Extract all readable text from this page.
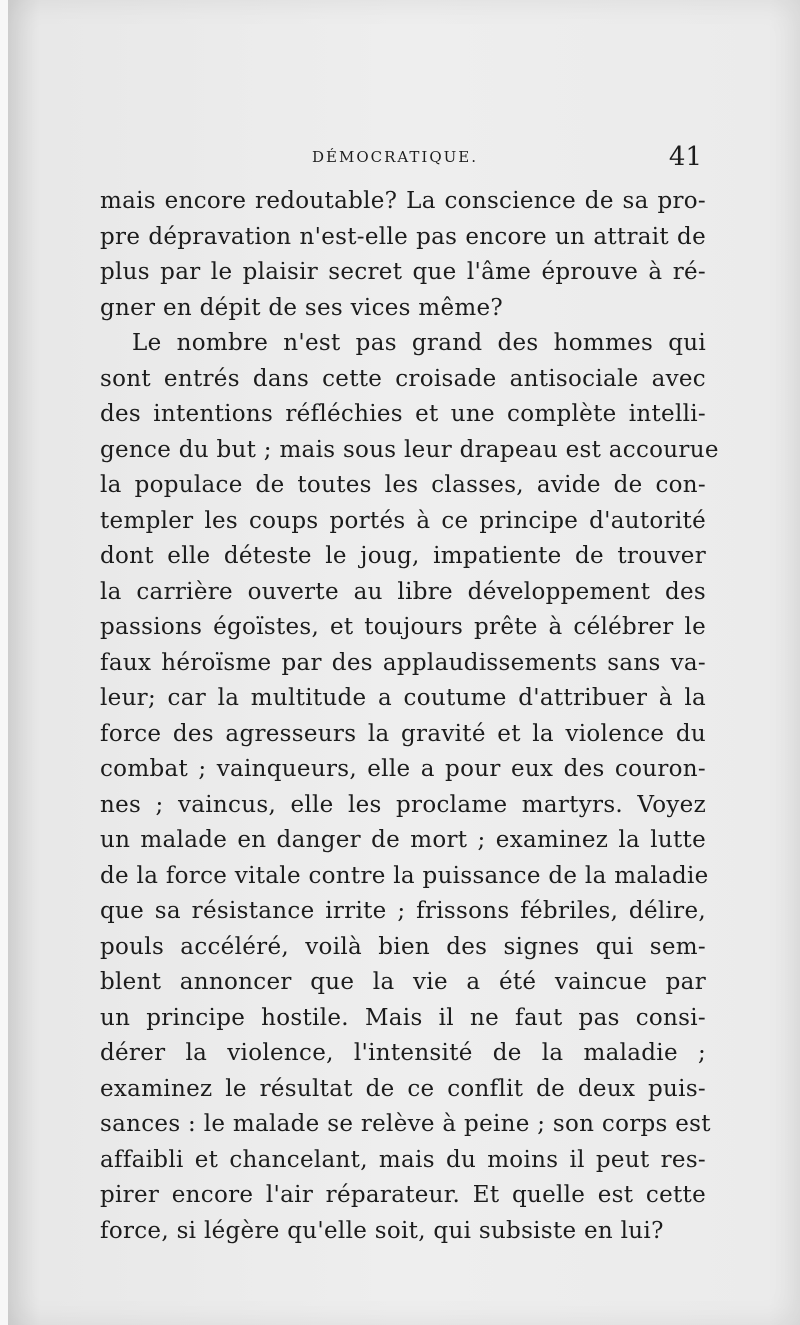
DÉMOCRATIQUE.	41
mais encore redoutable? La conscience de sa pro-
pre dépravation n'est-elle pas encore un attrait de
plus par le plaisir secret que l'âme éprouve à ré-
gner en dépit de ses vices même?
Le nombre n'est pas grand des hommes qui
sont entrés dans cette croisade antisociale avec
des intentions réfléchies et une complète intelli-
gence du but ; mais sous leur drapeau est accourue
la populace de toutes les classes, avide de con-
templer les coups portés à ce principe d'autorité
dont elle déteste le joug, impatiente de trouver
la carrière ouverte au libre développement des
passions égoïstes, et toujours prête à célébrer le
faux héroïsme par des applaudissements sans va-
leur; car la multitude a coutume d'attribuer à la
force des agresseurs la gravité et la violence du
combat ; vainqueurs, elle a pour eux des couron-
nes ; vaincus, elle les proclame martyrs. Voyez
un malade en danger de mort ; examinez la lutte
de la force vitale contre la puissance de la maladie
que sa résistance irrite ; frissons fébriles, délire,
pouls accéléré, voilà bien des signes qui sem-
blent annoncer que la vie a été vaincue par
un principe hostile. Mais il ne faut pas consi-
dérer la violence, l'intensité de la maladie ;
examinez le résultat de ce conflit de deux puis-
sances : le malade se relève à peine ; son corps est
affaibli et chancelant, mais du moins il peut res-
pirer encore l'air réparateur. Et quelle est cette
force, si légère qu'elle soit, qui subsiste en lui?
